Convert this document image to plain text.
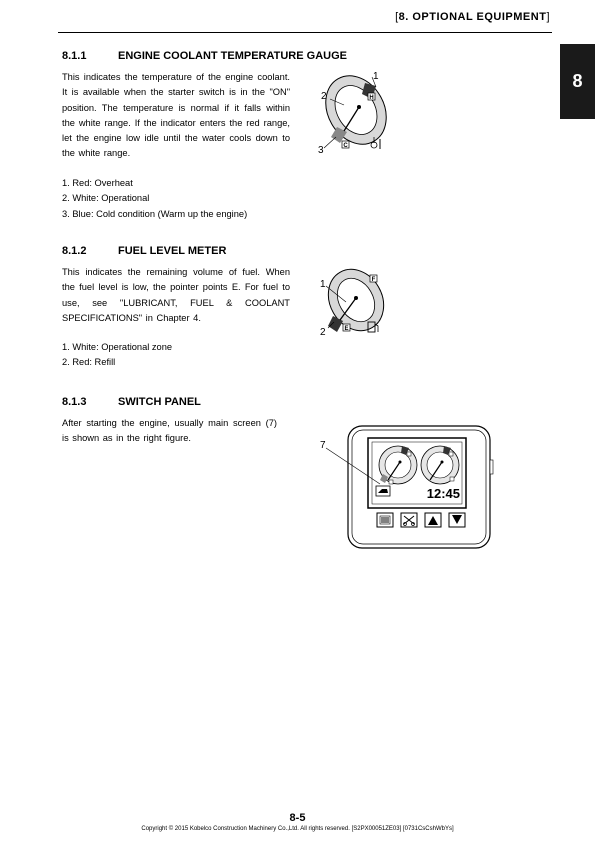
[8. OPTIONAL EQUIPMENT]
8
8.1.1	ENGINE COOLANT TEMPERATURE GAUGE
This indicates the temperature of the engine coolant. It is available when the starter switch is in the "ON" position. The temperature is normal if it falls within the white range. If the indicator enters the red range, let the engine low idle until the water cools down to the white range.
1. Red: Overheat
2. White: Operational
3. Blue: Cold condition (Warm up the engine)
H
C
1
2
3
8.1.2	FUEL LEVEL METER
This indicates the remaining volume of fuel. When the fuel level is low, the pointer points E. For fuel to use, see "LUBRICANT, FUEL & COOLANT SPECIFICATIONS" in Chapter 4.
1. White: Operational zone
2. Red: Refill
F
E
1
2
8.1.3	SWITCH PANEL
After starting the engine, usually main screen (7) is shown as in the right figure.
12:45
7
8-5
Copyright © 2015 Kobelco Construction Machinery Co.,Ltd. All rights reserved. [S2PX00051ZE03] [0731CsCshWbYs]
